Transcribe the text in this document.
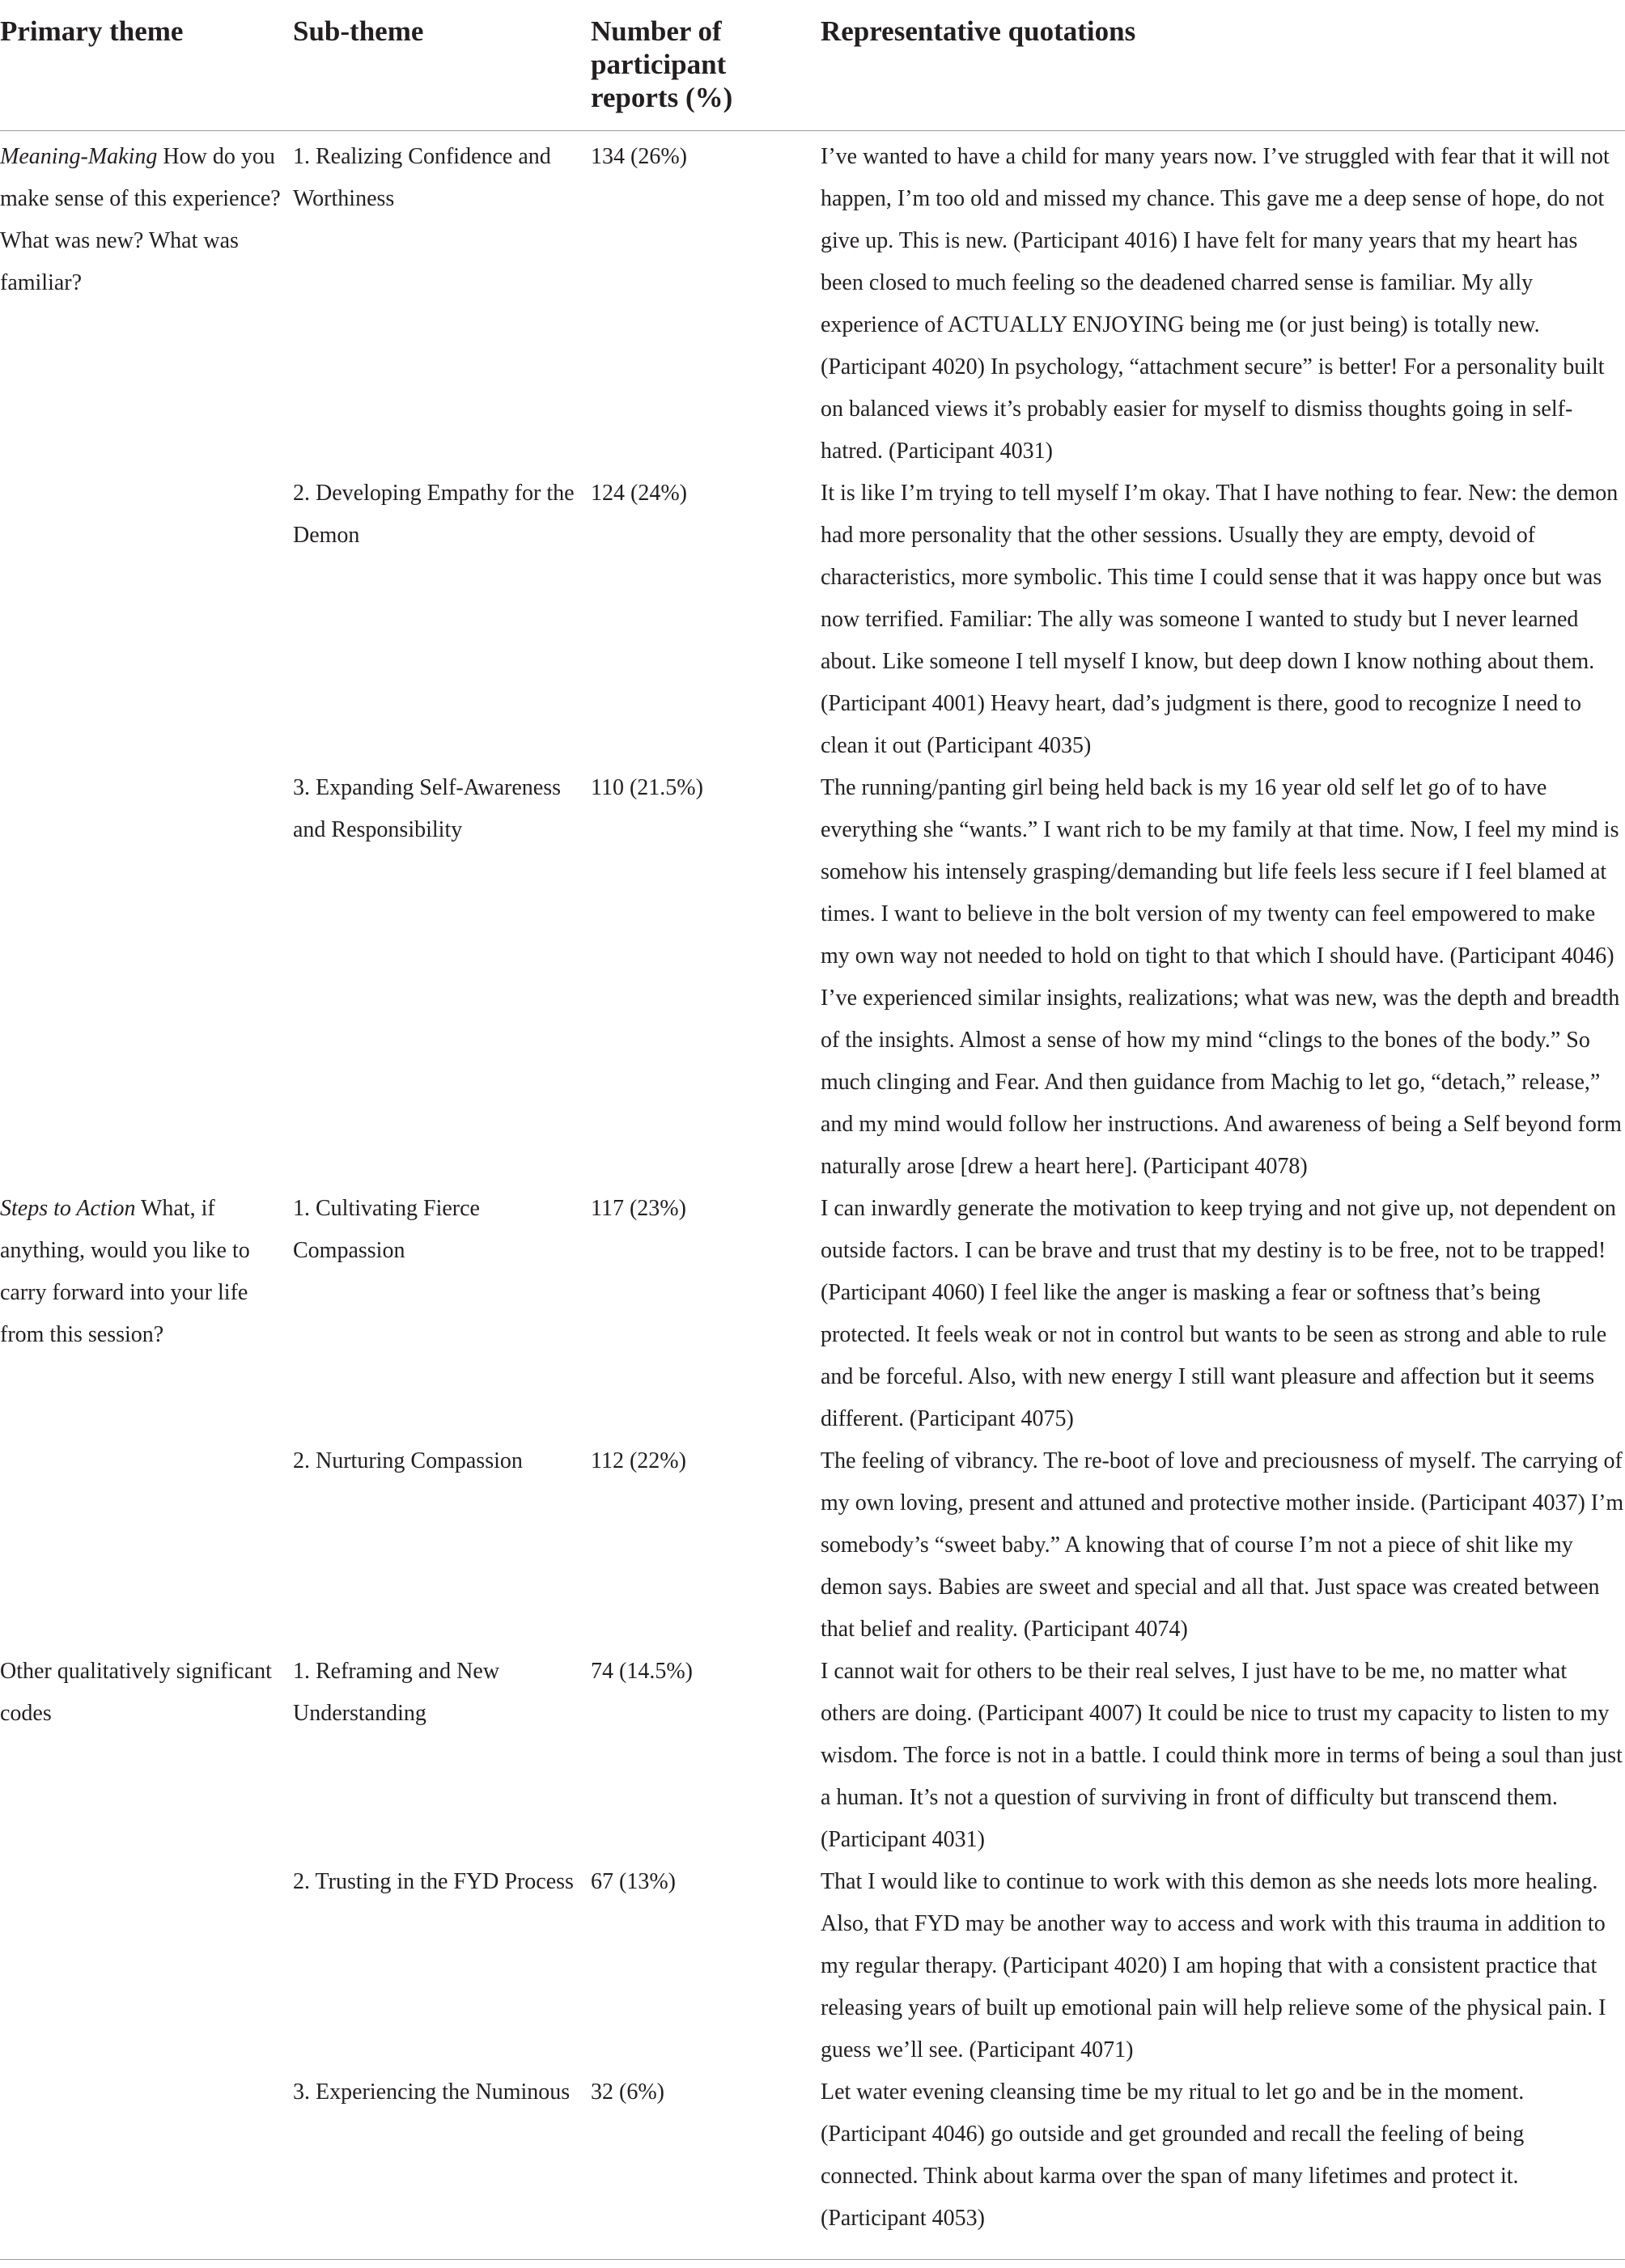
Primary theme	Sub-theme	Number of participant reports (%)	Representative quotations
Meaning-Making How do you make sense of this experience? What was new? What was familiar?	1. Realizing Confidence and Worthiness	134 (26%)	I’ve wanted to have a child for many years now. I’ve struggled with fear that it will not happen, I’m too old and missed my chance. This gave me a deep sense of hope, do not give up. This is new. (Participant 4016) I have felt for many years that my heart has been closed to much feeling so the deadened charred sense is familiar. My ally experience of ACTUALLY ENJOYING being me (or just being) is totally new. (Participant 4020) In psychology, “attachment secure” is better! For a personality built on balanced views it’s probably easier for myself to dismiss thoughts going in self-hatred. (Participant 4031)
	2. Developing Empathy for the Demon	124 (24%)	It is like I’m trying to tell myself I’m okay. That I have nothing to fear. New: the demon had more personality that the other sessions. Usually they are empty, devoid of characteristics, more symbolic. This time I could sense that it was happy once but was now terrified. Familiar: The ally was someone I wanted to study but I never learned about. Like someone I tell myself I know, but deep down I know nothing about them. (Participant 4001) Heavy heart, dad’s judgment is there, good to recognize I need to clean it out (Participant 4035)
	3. Expanding Self-Awareness and Responsibility	110 (21.5%)	The running/panting girl being held back is my 16 year old self let go of to have everything she “wants.” I want rich to be my family at that time. Now, I feel my mind is somehow his intensely grasping/demanding but life feels less secure if I feel blamed at times. I want to believe in the bolt version of my twenty can feel empowered to make my own way not needed to hold on tight to that which I should have. (Participant 4046) I’ve experienced similar insights, realizations; what was new, was the depth and breadth of the insights. Almost a sense of how my mind “clings to the bones of the body.” So much clinging and Fear. And then guidance from Machig to let go, “detach,” release,” and my mind would follow her instructions. And awareness of being a Self beyond form naturally arose [drew a heart here]. (Participant 4078)
Steps to Action What, if anything, would you like to carry forward into your life from this session?	1. Cultivating Fierce Compassion	117 (23%)	I can inwardly generate the motivation to keep trying and not give up, not dependent on outside factors. I can be brave and trust that my destiny is to be free, not to be trapped! (Participant 4060) I feel like the anger is masking a fear or softness that’s being protected. It feels weak or not in control but wants to be seen as strong and able to rule and be forceful. Also, with new energy I still want pleasure and affection but it seems different. (Participant 4075)
	2. Nurturing Compassion	112 (22%)	The feeling of vibrancy. The re-boot of love and preciousness of myself. The carrying of my own loving, present and attuned and protective mother inside. (Participant 4037) I’m somebody’s “sweet baby.” A knowing that of course I’m not a piece of shit like my demon says. Babies are sweet and special and all that. Just space was created between that belief and reality. (Participant 4074)
Other qualitatively significant codes	1. Reframing and New Understanding	74 (14.5%)	I cannot wait for others to be their real selves, I just have to be me, no matter what others are doing. (Participant 4007) It could be nice to trust my capacity to listen to my wisdom. The force is not in a battle. I could think more in terms of being a soul than just a human. It’s not a question of surviving in front of difficulty but transcend them. (Participant 4031)
	2. Trusting in the FYD Process	67 (13%)	That I would like to continue to work with this demon as she needs lots more healing. Also, that FYD may be another way to access and work with this trauma in addition to my regular therapy. (Participant 4020) I am hoping that with a consistent practice that releasing years of built up emotional pain will help relieve some of the physical pain. I guess we’ll see. (Participant 4071)
	3. Experiencing the Numinous	32 (6%)	Let water evening cleansing time be my ritual to let go and be in the moment. (Participant 4046) go outside and get grounded and recall the feeling of being connected. Think about karma over the span of many lifetimes and protect it. (Participant 4053)
